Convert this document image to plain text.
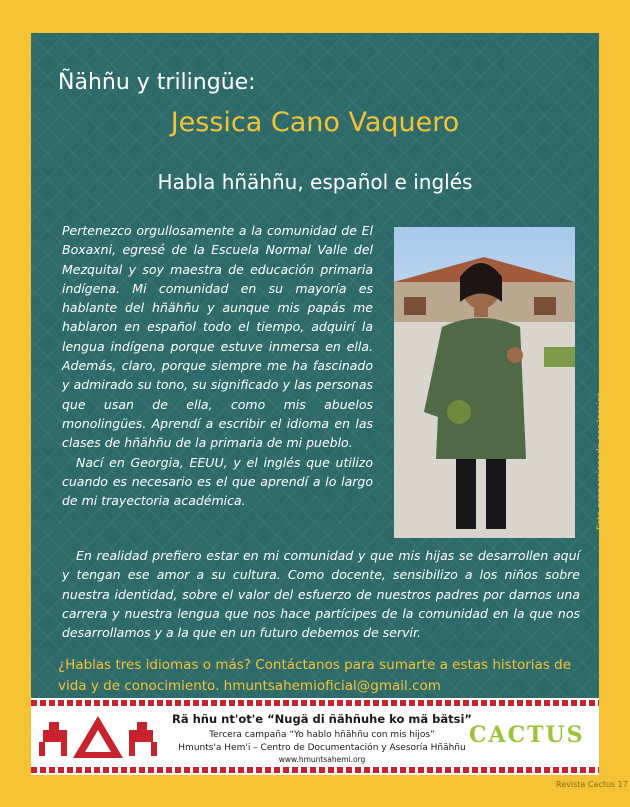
Ñähñu y trilingüe:
Jessica Cano Vaquero
Habla hñähñu, español e inglés

Pertenezco orgullosamente a la comunidad de El Boxaxni, egresé de la Escuela Normal Valle del Mezquital y soy maestra de educación primaria indígena. Mi comunidad en su mayoría es hablante del hñähñu y aunque mis papás me hablaron en español todo el tiempo, adquirí la lengua indígena porque estuve inmersa en ella. Además, claro, porque siempre me ha fascinado y admirado su tono, su significado y las personas que usan de ella, como mis abuelos monolingües. Aprendí a escribir el idioma en las clases de hñähñu de la primaria de mi pueblo.

Nací en Georgia, EEUU, y el inglés que utilizo cuando es necesario es el que aprendí a lo largo de mi trayectoria académica.	Foto proporcionada por Jessica

En realidad prefiero estar en mi comunidad y que mis hijas se desarrollen aquí y tengan ese amor a su cultura. Como docente, sensibilizo a los niños sobre nuestra identidad, sobre el valor del esfuerzo de nuestros padres por darnos una carrera y nuestra lengua que nos hace partícipes de la comunidad en la que nos desarrollamos y a la que en un futuro debemos de servir.

¿Hablas tres idiomas o más? Contáctanos para sumarte a estas historias de vida y de conocimiento. hmuntsahemioficial@gmail.com

Rä hñu nt'ot'e “Nugä di ñähñuhe ko mä bätsi”
Tercera campaña “Yo hablo hñähñu con mis hijos”
Hmunts'a Hem'i – Centro de Documentación y Asesoría Hñähñu
www.hmuntsahemi.org
CACTUS
Revista Cactus 17
